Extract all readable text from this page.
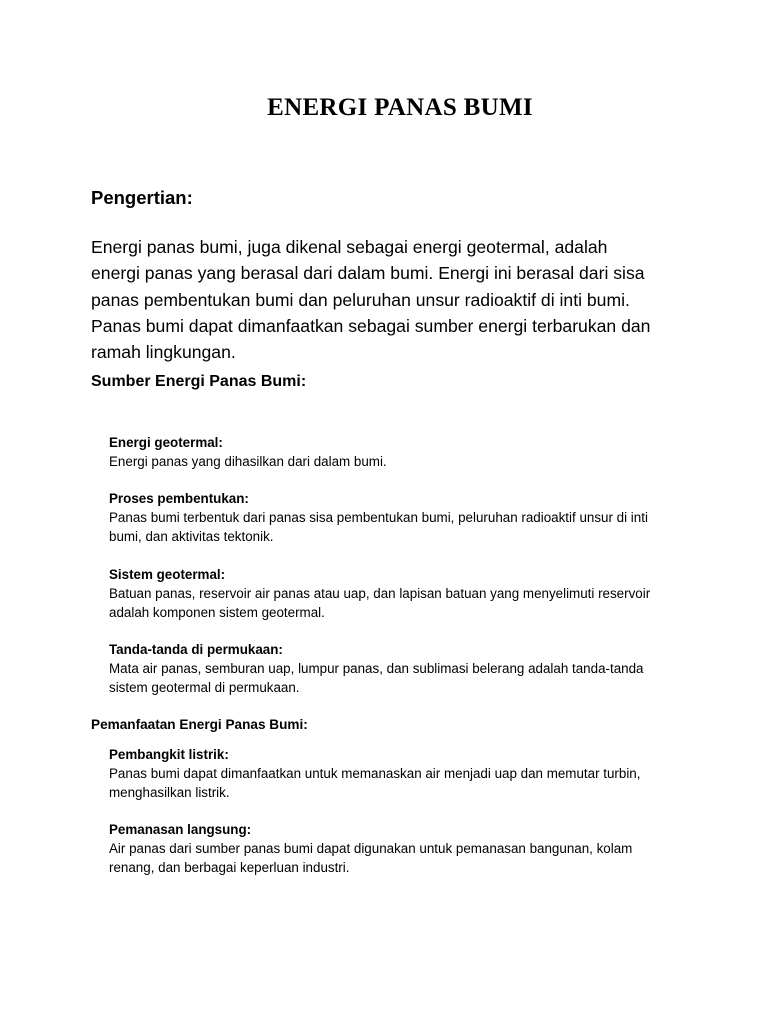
ENERGI PANAS BUMI
Pengertian:

Energi panas bumi, juga dikenal sebagai energi geotermal, adalah energi panas yang berasal dari dalam bumi. Energi ini berasal dari sisa panas pembentukan bumi dan peluruhan unsur radioaktif di inti bumi. Panas bumi dapat dimanfaatkan sebagai sumber energi terbarukan dan ramah lingkungan.

Sumber Energi Panas Bumi:
Energi geotermal:
Energi panas yang dihasilkan dari dalam bumi.
Proses pembentukan:
Panas bumi terbentuk dari panas sisa pembentukan bumi, peluruhan radioaktif unsur di inti bumi, dan aktivitas tektonik.
Sistem geotermal:
Batuan panas, reservoir air panas atau uap, dan lapisan batuan yang menyelimuti reservoir adalah komponen sistem geotermal.
Tanda-tanda di permukaan:
Mata air panas, semburan uap, lumpur panas, dan sublimasi belerang adalah tanda-tanda sistem geotermal di permukaan.
Pemanfaatan Energi Panas Bumi:
Pembangkit listrik:
Panas bumi dapat dimanfaatkan untuk memanaskan air menjadi uap dan memutar turbin, menghasilkan listrik.
Pemanasan langsung:
Air panas dari sumber panas bumi dapat digunakan untuk pemanasan bangunan, kolam renang, dan berbagai keperluan industri.
